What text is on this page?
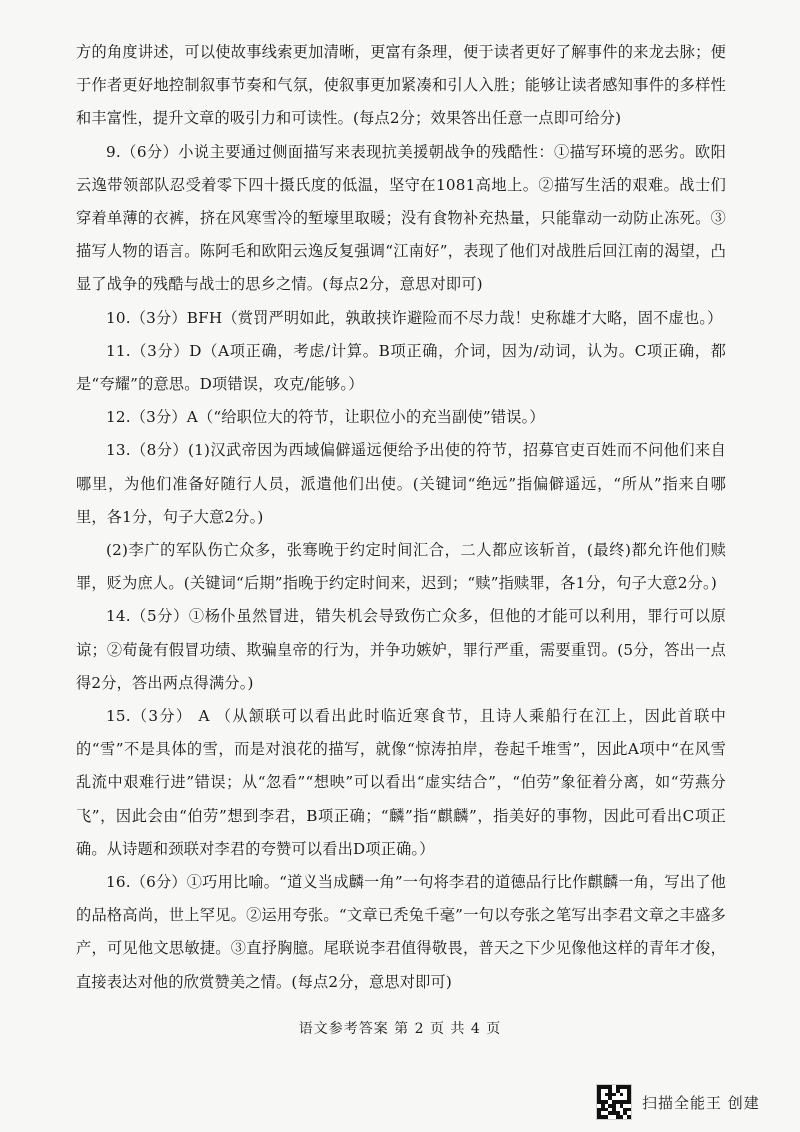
方的角度讲述，可以使故事线索更加清晰，更富有条理，便于读者更好了解事件的来龙去脉；便于作者更好地控制叙事节奏和气氛，使叙事更加紧凑和引人入胜；能够让读者感知事件的多样性和丰富性，提升文章的吸引力和可读性。(每点2分；效果答出任意一点即可给分)

9.（6分）小说主要通过侧面描写来表现抗美援朝战争的残酷性：①描写环境的恶劣。欧阳云逸带领部队忍受着零下四十摄氏度的低温，坚守在1081高地上。②描写生活的艰难。战士们穿着单薄的衣裤，挤在风寒雪冷的堑壕里取暖；没有食物补充热量，只能靠动一动防止冻死。③描写人物的语言。陈阿毛和欧阳云逸反复强调“江南好”，表现了他们对战胜后回江南的渴望，凸显了战争的残酷与战士的思乡之情。(每点2分，意思对即可)

10.（3分）BFH（赏罚严明如此，孰敢挟诈避险而不尽力哉！史称雄才大略，固不虚也。）

11.（3分）D（A项正确，考虑/计算。B项正确，介词，因为/动词，认为。C项正确，都是“夸耀”的意思。D项错误，攻克/能够。）

12.（3分）A（“给职位大的符节，让职位小的充当副使”错误。）

13.（8分）(1)汉武帝因为西域偏僻遥远便给予出使的符节，招募官吏百姓而不问他们来自哪里，为他们准备好随行人员，派遣他们出使。(关键词“绝远”指偏僻遥远，“所从”指来自哪里，各1分，句子大意2分。)

(2)李广的军队伤亡众多，张骞晚于约定时间汇合，二人都应该斩首，(最终)都允许他们赎罪，贬为庶人。(关键词“后期”指晚于约定时间来，迟到；“赎”指赎罪，各1分，句子大意2分。)

14.（5分）①杨仆虽然冒进，错失机会导致伤亡众多，但他的才能可以利用，罪行可以原谅；②荀彘有假冒功绩、欺骗皇帝的行为，并争功嫉妒，罪行严重，需要重罚。(5分，答出一点得2分，答出两点得满分。)

15.（3分） A （从颔联可以看出此时临近寒食节，且诗人乘船行在江上，因此首联中的“雪”不是具体的雪，而是对浪花的描写，就像“惊涛拍岸，卷起千堆雪”，因此A项中“在风雪乱流中艰难行进”错误；从“忽看”“想映”可以看出“虚实结合”，“伯劳”象征着分离，如“劳燕分飞”，因此会由“伯劳”想到李君，B项正确；“麟”指“麒麟”，指美好的事物，因此可看出C项正确。从诗题和颈联对李君的夸赞可以看出D项正确。）

16.（6分）①巧用比喻。“道义当成麟一角”一句将李君的道德品行比作麒麟一角，写出了他的品格高尚，世上罕见。②运用夸张。“文章已秃兔千毫”一句以夸张之笔写出李君文章之丰盛多产，可见他文思敏捷。③直抒胸臆。尾联说李君值得敬畏，普天之下少见像他这样的青年才俊，直接表达对他的欣赏赞美之情。(每点2分，意思对即可)

语文参考答案 第 2 页 共 4 页
扫描全能王 创建
